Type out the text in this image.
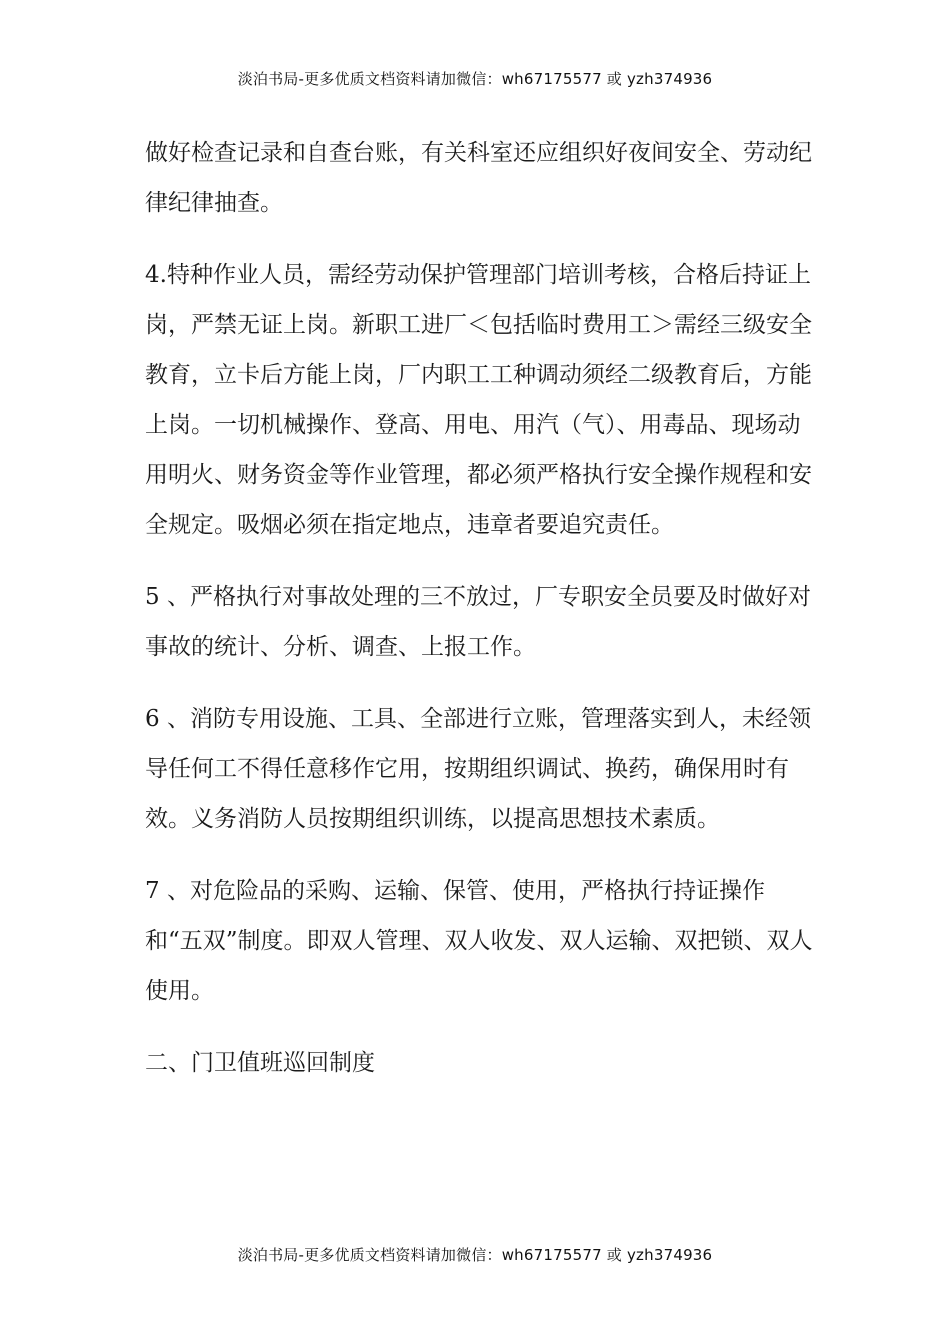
淡泊书局-更多优质文档资料请加微信：wh67175577 或 yzh374936

做好检查记录和自查台账，有关科室还应组织好夜间安全、劳动纪律纪律抽查。

4.特种作业人员，需经劳动保护管理部门培训考核，合格后持证上岗，严禁无证上岗。新职工进厂＜包括临时费用工＞需经三级安全教育，立卡后方能上岗，厂内职工工种调动须经二级教育后，方能上岗。一切机械操作、登高、用电、用汽（气）、用毒品、现场动用明火、财务资金等作业管理，都必须严格执行安全操作规程和安全规定。吸烟必须在指定地点，违章者要追究责任。

5 、严格执行对事故处理的三不放过，厂专职安全员要及时做好对事故的统计、分析、调查、上报工作。

6 、消防专用设施、工具、全部进行立账，管理落实到人，未经领导任何工不得任意移作它用，按期组织调试、换药，确保用时有效。义务消防人员按期组织训练，以提高思想技术素质。

7 、对危险品的采购、运输、保管、使用，严格执行持证操作和“五双”制度。即双人管理、双人收发、双人运输、双把锁、双人使用。

二、门卫值班巡回制度

淡泊书局-更多优质文档资料请加微信：wh67175577 或 yzh374936
